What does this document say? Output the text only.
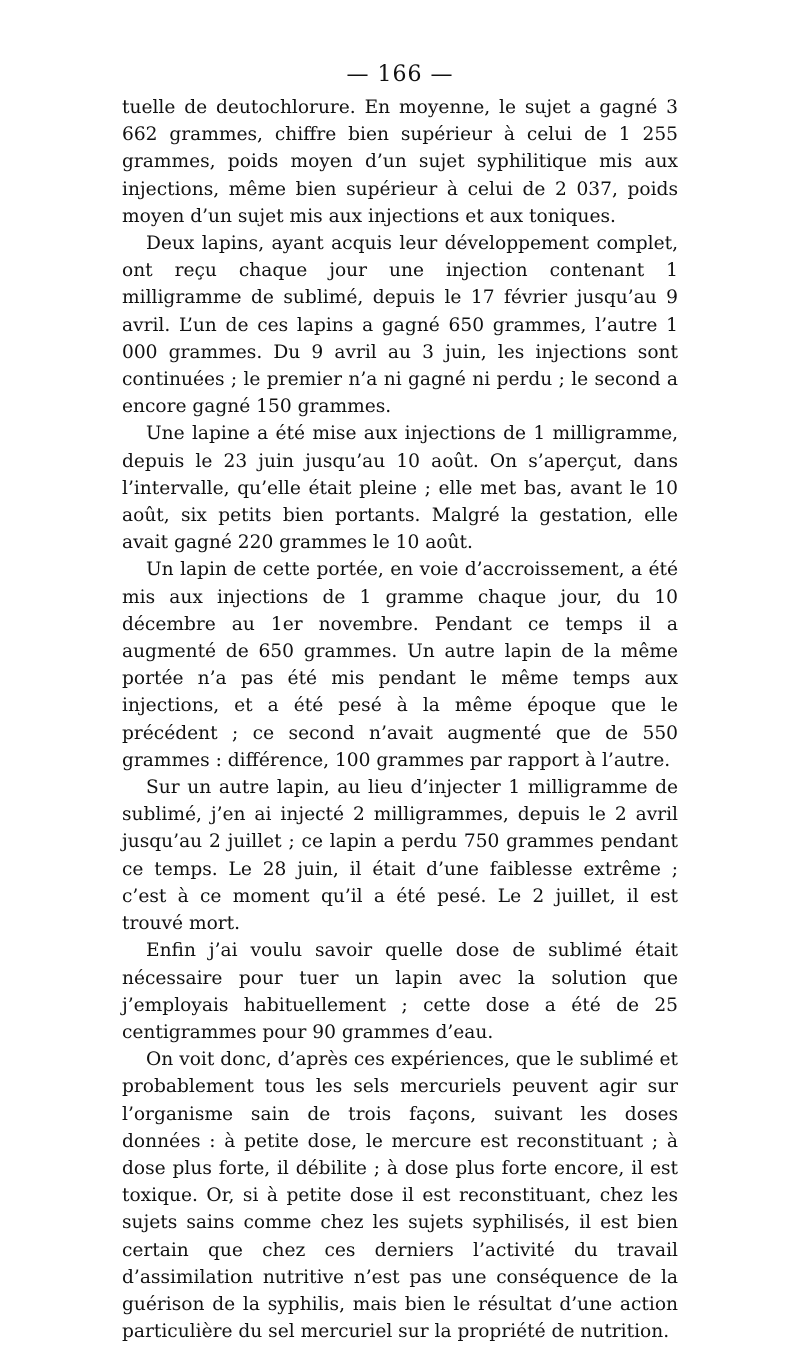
— 166 —

tuelle de deutochlorure. En moyenne, le sujet a gagné 3 662 grammes, chiffre bien supérieur à celui de 1 255 grammes, poids moyen d’un sujet syphilitique mis aux injections, même bien supérieur à celui de 2 037, poids moyen d’un sujet mis aux injections et aux toniques.

Deux lapins, ayant acquis leur développement complet, ont reçu chaque jour une injection contenant 1 milligramme de sublimé, depuis le 17 février jusqu’au 9 avril. L’un de ces lapins a gagné 650 grammes, l’autre 1 000 grammes. Du 9 avril au 3 juin, les injections sont continuées ; le premier n’a ni gagné ni perdu ; le second a encore gagné 150 grammes.

Une lapine a été mise aux injections de 1 milligramme, depuis le 23 juin jusqu’au 10 août. On s’aperçut, dans l’intervalle, qu’elle était pleine ; elle met bas, avant le 10 août, six petits bien portants. Malgré la gestation, elle avait gagné 220 grammes le 10 août.

Un lapin de cette portée, en voie d’accroissement, a été mis aux injections de 1 gramme chaque jour, du 10 décembre au 1er novembre. Pendant ce temps il a augmenté de 650 grammes. Un autre lapin de la même portée n’a pas été mis pendant le même temps aux injections, et a été pesé à la même époque que le précédent ; ce second n’avait augmenté que de 550 grammes : différence, 100 grammes par rapport à l’autre.

Sur un autre lapin, au lieu d’injecter 1 milligramme de sublimé, j’en ai injecté 2 milligrammes, depuis le 2 avril jusqu’au 2 juillet ; ce lapin a perdu 750 grammes pendant ce temps. Le 28 juin, il était d’une faiblesse extrême ; c’est à ce moment qu’il a été pesé. Le 2 juillet, il est trouvé mort.

Enfin j’ai voulu savoir quelle dose de sublimé était nécessaire pour tuer un lapin avec la solution que j’employais habituellement ; cette dose a été de 25 centigrammes pour 90 grammes d’eau.

On voit donc, d’après ces expériences, que le sublimé et probablement tous les sels mercuriels peuvent agir sur l’organisme sain de trois façons, suivant les doses données : à petite dose, le mercure est reconstituant ; à dose plus forte, il débilite ; à dose plus forte encore, il est toxique. Or, si à petite dose il est reconstituant, chez les sujets sains comme chez les sujets syphilisés, il est bien certain que chez ces derniers l’activité du travail d’assimilation nutritive n’est pas une conséquence de la guérison de la syphilis, mais bien le résultat d’une action particulière du sel mercuriel sur la propriété de nutrition.
